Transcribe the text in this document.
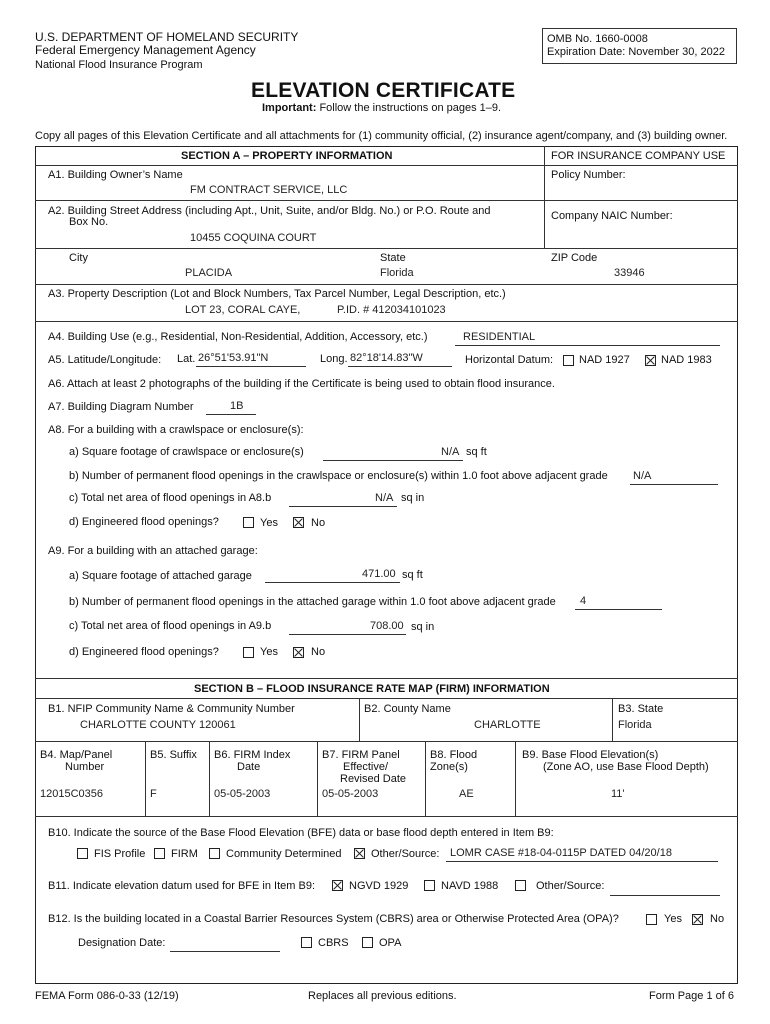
U.S. DEPARTMENT OF HOMELAND SECURITY
Federal Emergency Management Agency
National Flood Insurance Program
OMB No. 1660-0008
Expiration Date: November 30, 2022
ELEVATION CERTIFICATE
Important: Follow the instructions on pages 1–9.
Copy all pages of this Elevation Certificate and all attachments for (1) community official, (2) insurance agent/company, and (3) building owner.
SECTION A – PROPERTY INFORMATION	FOR INSURANCE COMPANY USE
A1. Building Owner’s Name
FM CONTRACT SERVICE, LLC
Policy Number:
A2. Building Street Address (including Apt., Unit, Suite, and/or Bldg. No.) or P.O. Route and
Box No.
10455 COQUINA COURT
Company NAIC Number:
City
PLACIDA
State
Florida
ZIP Code
33946
A3. Property Description (Lot and Block Numbers, Tax Parcel Number, Legal Description, etc.)
LOT 23, CORAL CAYE,	P.ID. # 412034101023
A4. Building Use (e.g., Residential, Non-Residential, Addition, Accessory, etc.)	RESIDENTIAL
A5. Latitude/Longitude: Lat. 26°51'53.91"N	Long. 82°18'14.83"W	Horizontal Datum: NAD 1927	NAD 1983
A6. Attach at least 2 photographs of the building if the Certificate is being used to obtain flood insurance.
A7. Building Diagram Number	1B
A8. For a building with a crawlspace or enclosure(s):
a) Square footage of crawlspace or enclosure(s)	N/A sq ft
b) Number of permanent flood openings in the crawlspace or enclosure(s) within 1.0 foot above adjacent grade N/A
c) Total net area of flood openings in A8.b	N/A sq in
d) Engineered flood openings?	Yes	No
A9. For a building with an attached garage:
a) Square footage of attached garage	471.00 sq ft
b) Number of permanent flood openings in the attached garage within 1.0 foot above adjacent grade 4
c) Total net area of flood openings in A9.b	708.00 sq in
d) Engineered flood openings?	Yes	No
SECTION B – FLOOD INSURANCE RATE MAP (FIRM) INFORMATION
B1. NFIP Community Name & Community Number
CHARLOTTE COUNTY 120061
B2. County Name
CHARLOTTE
B3. State
Florida
B4. Map/Panel
Number
12015C0356
B5. Suffix
F
B6. FIRM Index
Date
05-05-2003
B7. FIRM Panel
Effective/
Revised Date
05-05-2003
B8. Flood
Zone(s)
AE
B9. Base Flood Elevation(s)
(Zone AO, use Base Flood Depth)
11'
B10. Indicate the source of the Base Flood Elevation (BFE) data or base flood depth entered in Item B9:
FIS Profile FIRM	Community Determined	Other/Source: LOMR CASE #18-04-0115P DATED 04/20/18
B11. Indicate elevation datum used for BFE in Item B9:	NGVD 1929	NAVD 1988	Other/Source:
B12. Is the building located in a Coastal Barrier Resources System (CBRS) area or Otherwise Protected Area (OPA)?	Yes	No
Designation Date:	CBRS	OPA
FEMA Form 086-0-33 (12/19)	Replaces all previous editions.	Form Page 1 of 6
